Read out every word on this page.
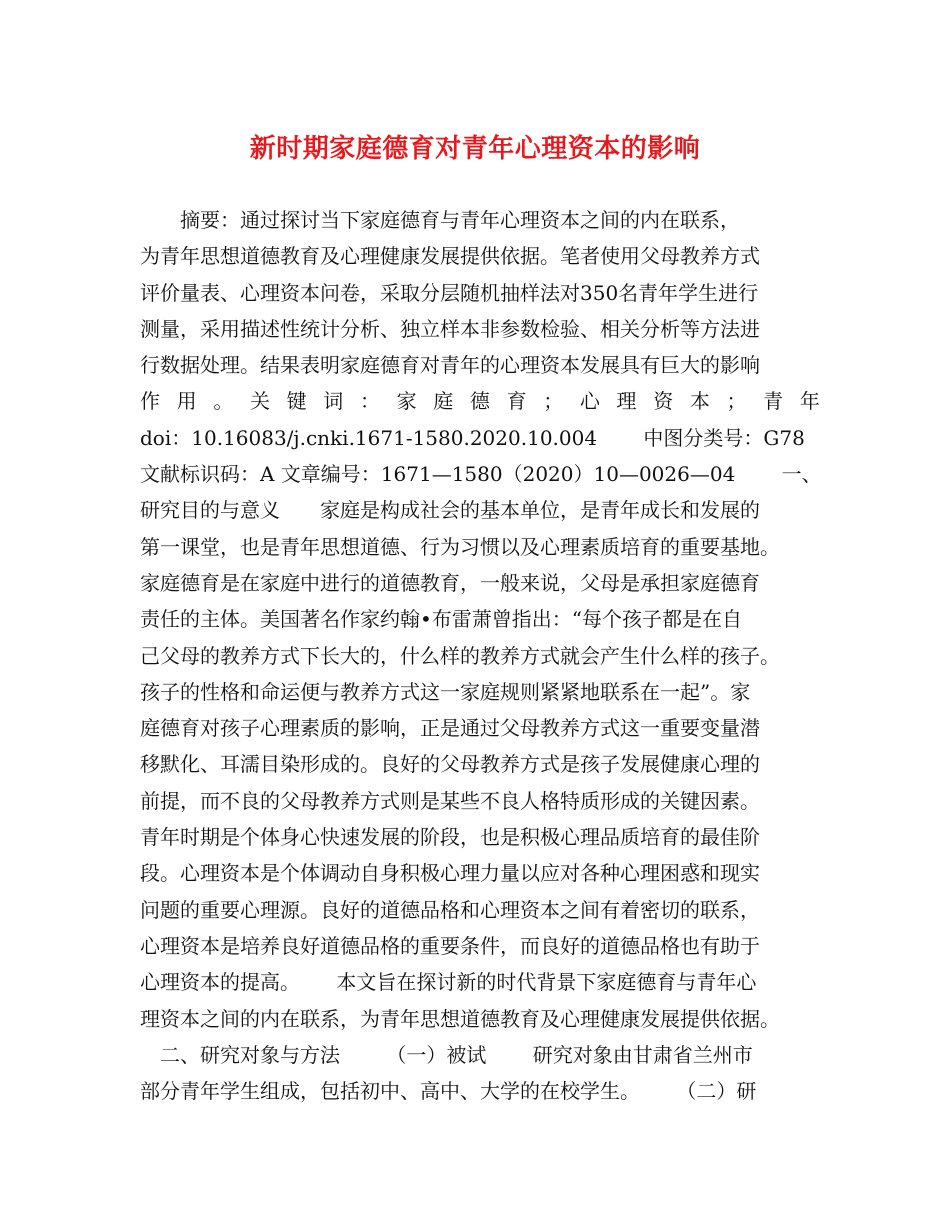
新时期家庭德育对青年心理资本的影响
　　摘要：通过探讨当下家庭德育与青年心理资本之间的内在联系，
为青年思想道德教育及心理健康发展提供依据。笔者使用父母教养方式
评价量表、心理资本问卷，采取分层随机抽样法对350名青年学生进行
测量，采用描述性统计分析、独立样本非参数检验、相关分析等方法进
行数据处理。结果表明家庭德育对青年的心理资本发展具有巨大的影响
作 用 。 关 键 词 ： 家 庭 德 育 ； 心 理 资 本 ； 青 年
doi：10.16083/j.cnki.1671-1580.2020.10.004　　 中图分类号：G78
文献标识码：A 文章编号：1671—1580（2020）10—0026—04　　 一、
研究目的与意义　　家庭是构成社会的基本单位，是青年成长和发展的
第一课堂，也是青年思想道德、行为习惯以及心理素质培育的重要基地。
家庭德育是在家庭中进行的道德教育，一般来说，父母是承担家庭德育
责任的主体。美国著名作家约翰•布雷萧曾指出：“每个孩子都是在自
己父母的教养方式下长大的，什么样的教养方式就会产生什么样的孩子。
孩子的性格和命运便与教养方式这一家庭规则紧紧地联系在一起”。家
庭德育对孩子心理素质的影响，正是通过父母教养方式这一重要变量潜
移默化、耳濡目染形成的。良好的父母教养方式是孩子发展健康心理的
前提，而不良的父母教养方式则是某些不良人格特质形成的关键因素。
青年时期是个体身心快速发展的阶段，也是积极心理品质培育的最佳阶
段。心理资本是个体调动自身积极心理力量以应对各种心理困惑和现实
问题的重要心理源。良好的道德品格和心理资本之间有着密切的联系，
心理资本是培养良好道德品格的重要条件，而良好的道德品格也有助于
心理资本的提高。　　 本文旨在探讨新的时代背景下家庭德育与青年心
理资本之间的内在联系，为青年思想道德教育及心理健康发展提供依据。
　二、研究对象与方法　　 （一）被试　　 研究对象由甘肃省兰州市
部分青年学生组成，包括初中、高中、大学的在校学生。　　 （二）研
